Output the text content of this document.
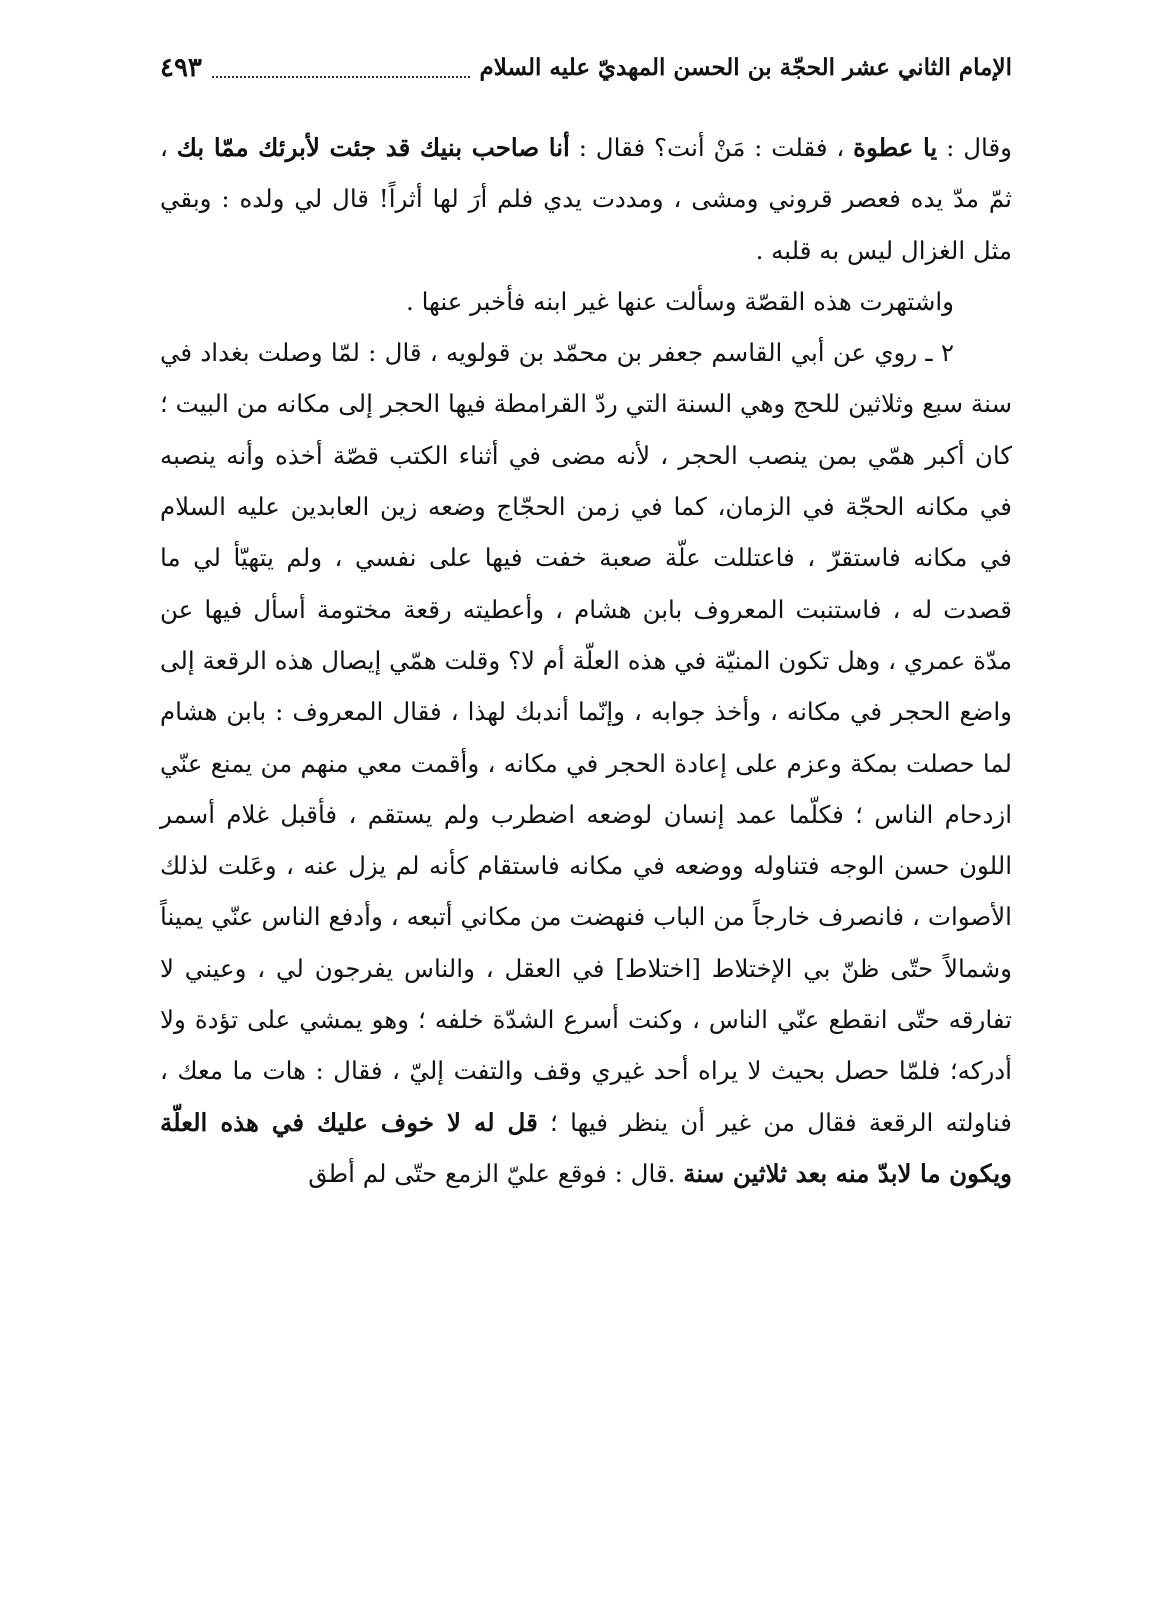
٤٩٣	الإمام الثاني عشر الحجّة بن الحسن المهديّ عليه السلام

وقال : يا عطوة ، فقلت : مَنْ أنت؟ فقال : أنا صاحب بنيك قد جئت لأبرئك ممّا بك ، ثمّ مدّ يده فعصر قروني ومشى ، ومددت يدي فلم أرَ لها أثراً! قال لي ولده : وبقي مثل الغزال ليس به قلبه .

واشتهرت هذه القصّة وسألت عنها غير ابنه فأخبر عنها .

٢ ـ روي عن أبي القاسم جعفر بن محمّد بن قولويه ، قال : لمّا وصلت بغداد في سنة سبع وثلاثين للحج وهي السنة التي ردّ القرامطة فيها الحجر إلى مكانه من البيت ؛ كان أكبر همّي بمن ينصب الحجر ، لأنه مضى في أثناء الكتب قصّة أخذه وأنه ينصبه في مكانه الحجّة في الزمان، كما في زمن الحجّاج وضعه زين العابدين عليه السلام في مكانه فاستقرّ ، فاعتللت علّة صعبة خفت فيها على نفسي ، ولم يتهيّأ لي ما قصدت له ، فاستنبت المعروف بابن هشام ، وأعطيته رقعة مختومة أسأل فيها عن مدّة عمري ، وهل تكون المنيّة في هذه العلّة أم لا؟ وقلت همّي إيصال هذه الرقعة إلى واضع الحجر في مكانه ، وأخذ جوابه ، وإنّما أندبك لهذا ، فقال المعروف : بابن هشام لما حصلت بمكة وعزم على إعادة الحجر في مكانه ، وأقمت معي منهم من يمنع عنّي ازدحام الناس ؛ فكلّما عمد إنسان لوضعه اضطرب ولم يستقم ، فأقبل غلام أسمر اللون حسن الوجه فتناوله ووضعه في مكانه فاستقام كأنه لم يزل عنه ، وعَلت لذلك الأصوات ، فانصرف خارجاً من الباب فنهضت من مكاني أتبعه ، وأدفع الناس عنّي يميناً وشمالاً حتّى ظنّ بي الإختلاط [اختلاط] في العقل ، والناس يفرجون لي ، وعيني لا تفارقه حتّى انقطع عنّي الناس ، وكنت أسرع الشدّة خلفه ؛ وهو يمشي على تؤدة ولا أدركه؛ فلمّا حصل بحيث لا يراه أحد غيري وقف والتفت إليّ ، فقال : هات ما معك ، فناولته الرقعة فقال من غير أن ينظر فيها ؛ قل له لا خوف عليك في هذه العلّة ويكون ما لابدّ منه بعد ثلاثين سنة .قال : فوقع عليّ الزمع حتّى لم أطق
